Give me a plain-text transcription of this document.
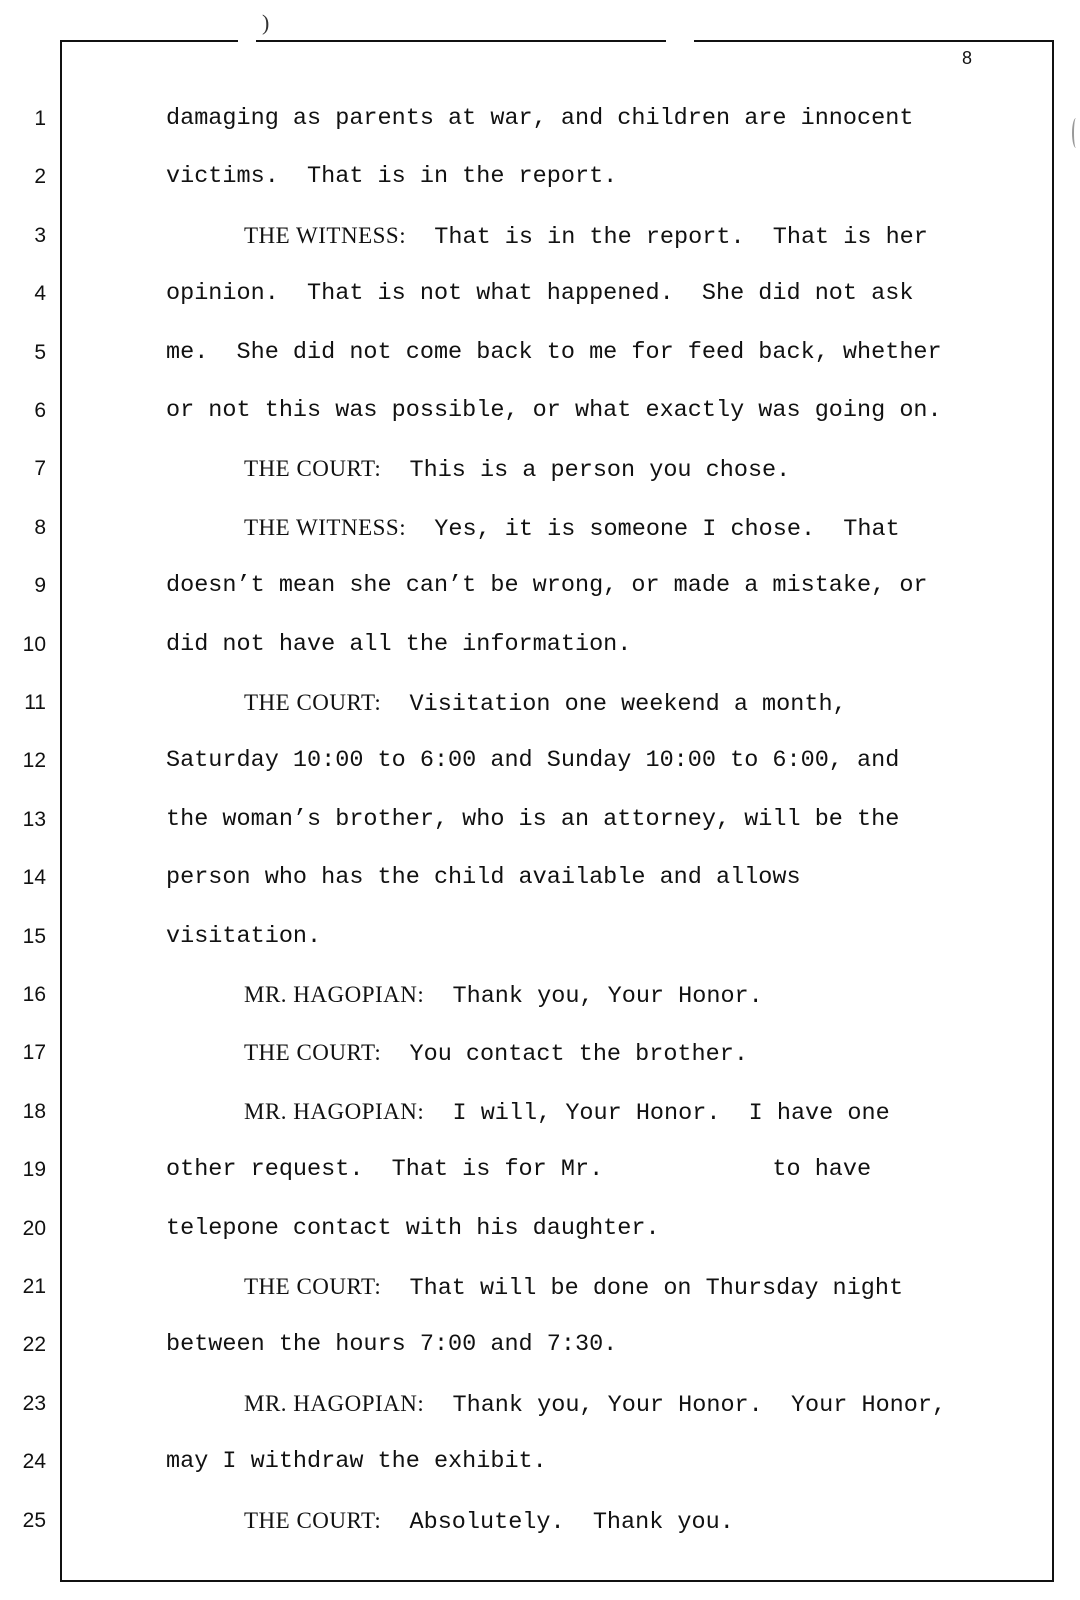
)
8
1
2
3
4
5
6
7
8
9
10
11
12
13
14
15
16
17
18
19
20
21
22
23
24
25
damaging as parents at war, and children are innocent
victims.  That is in the report.
THE WITNESS:  That is in the report.  That is her
opinion.  That is not what happened.  She did not ask
me.  She did not come back to me for feed back, whether
or not this was possible, or what exactly was going on.
THE COURT:  This is a person you chose.
THE WITNESS:  Yes, it is someone I chose.  That
doesn’t mean she can’t be wrong, or made a mistake, or
did not have all the information.
THE COURT:  Visitation one weekend a month,
Saturday 10:00 to 6:00 and Sunday 10:00 to 6:00, and
the woman’s brother, who is an attorney, will be the
person who has the child available and allows
visitation.
MR. HAGOPIAN:  Thank you, Your Honor.
THE COURT:  You contact the brother.
MR. HAGOPIAN:  I will, Your Honor.  I have one
other request.  That is for Mr.            to have
telepone contact with his daughter.
THE COURT:  That will be done on Thursday night
between the hours 7:00 and 7:30.
MR. HAGOPIAN:  Thank you, Your Honor.  Your Honor,
may I withdraw the exhibit.
THE COURT:  Absolutely.  Thank you.
